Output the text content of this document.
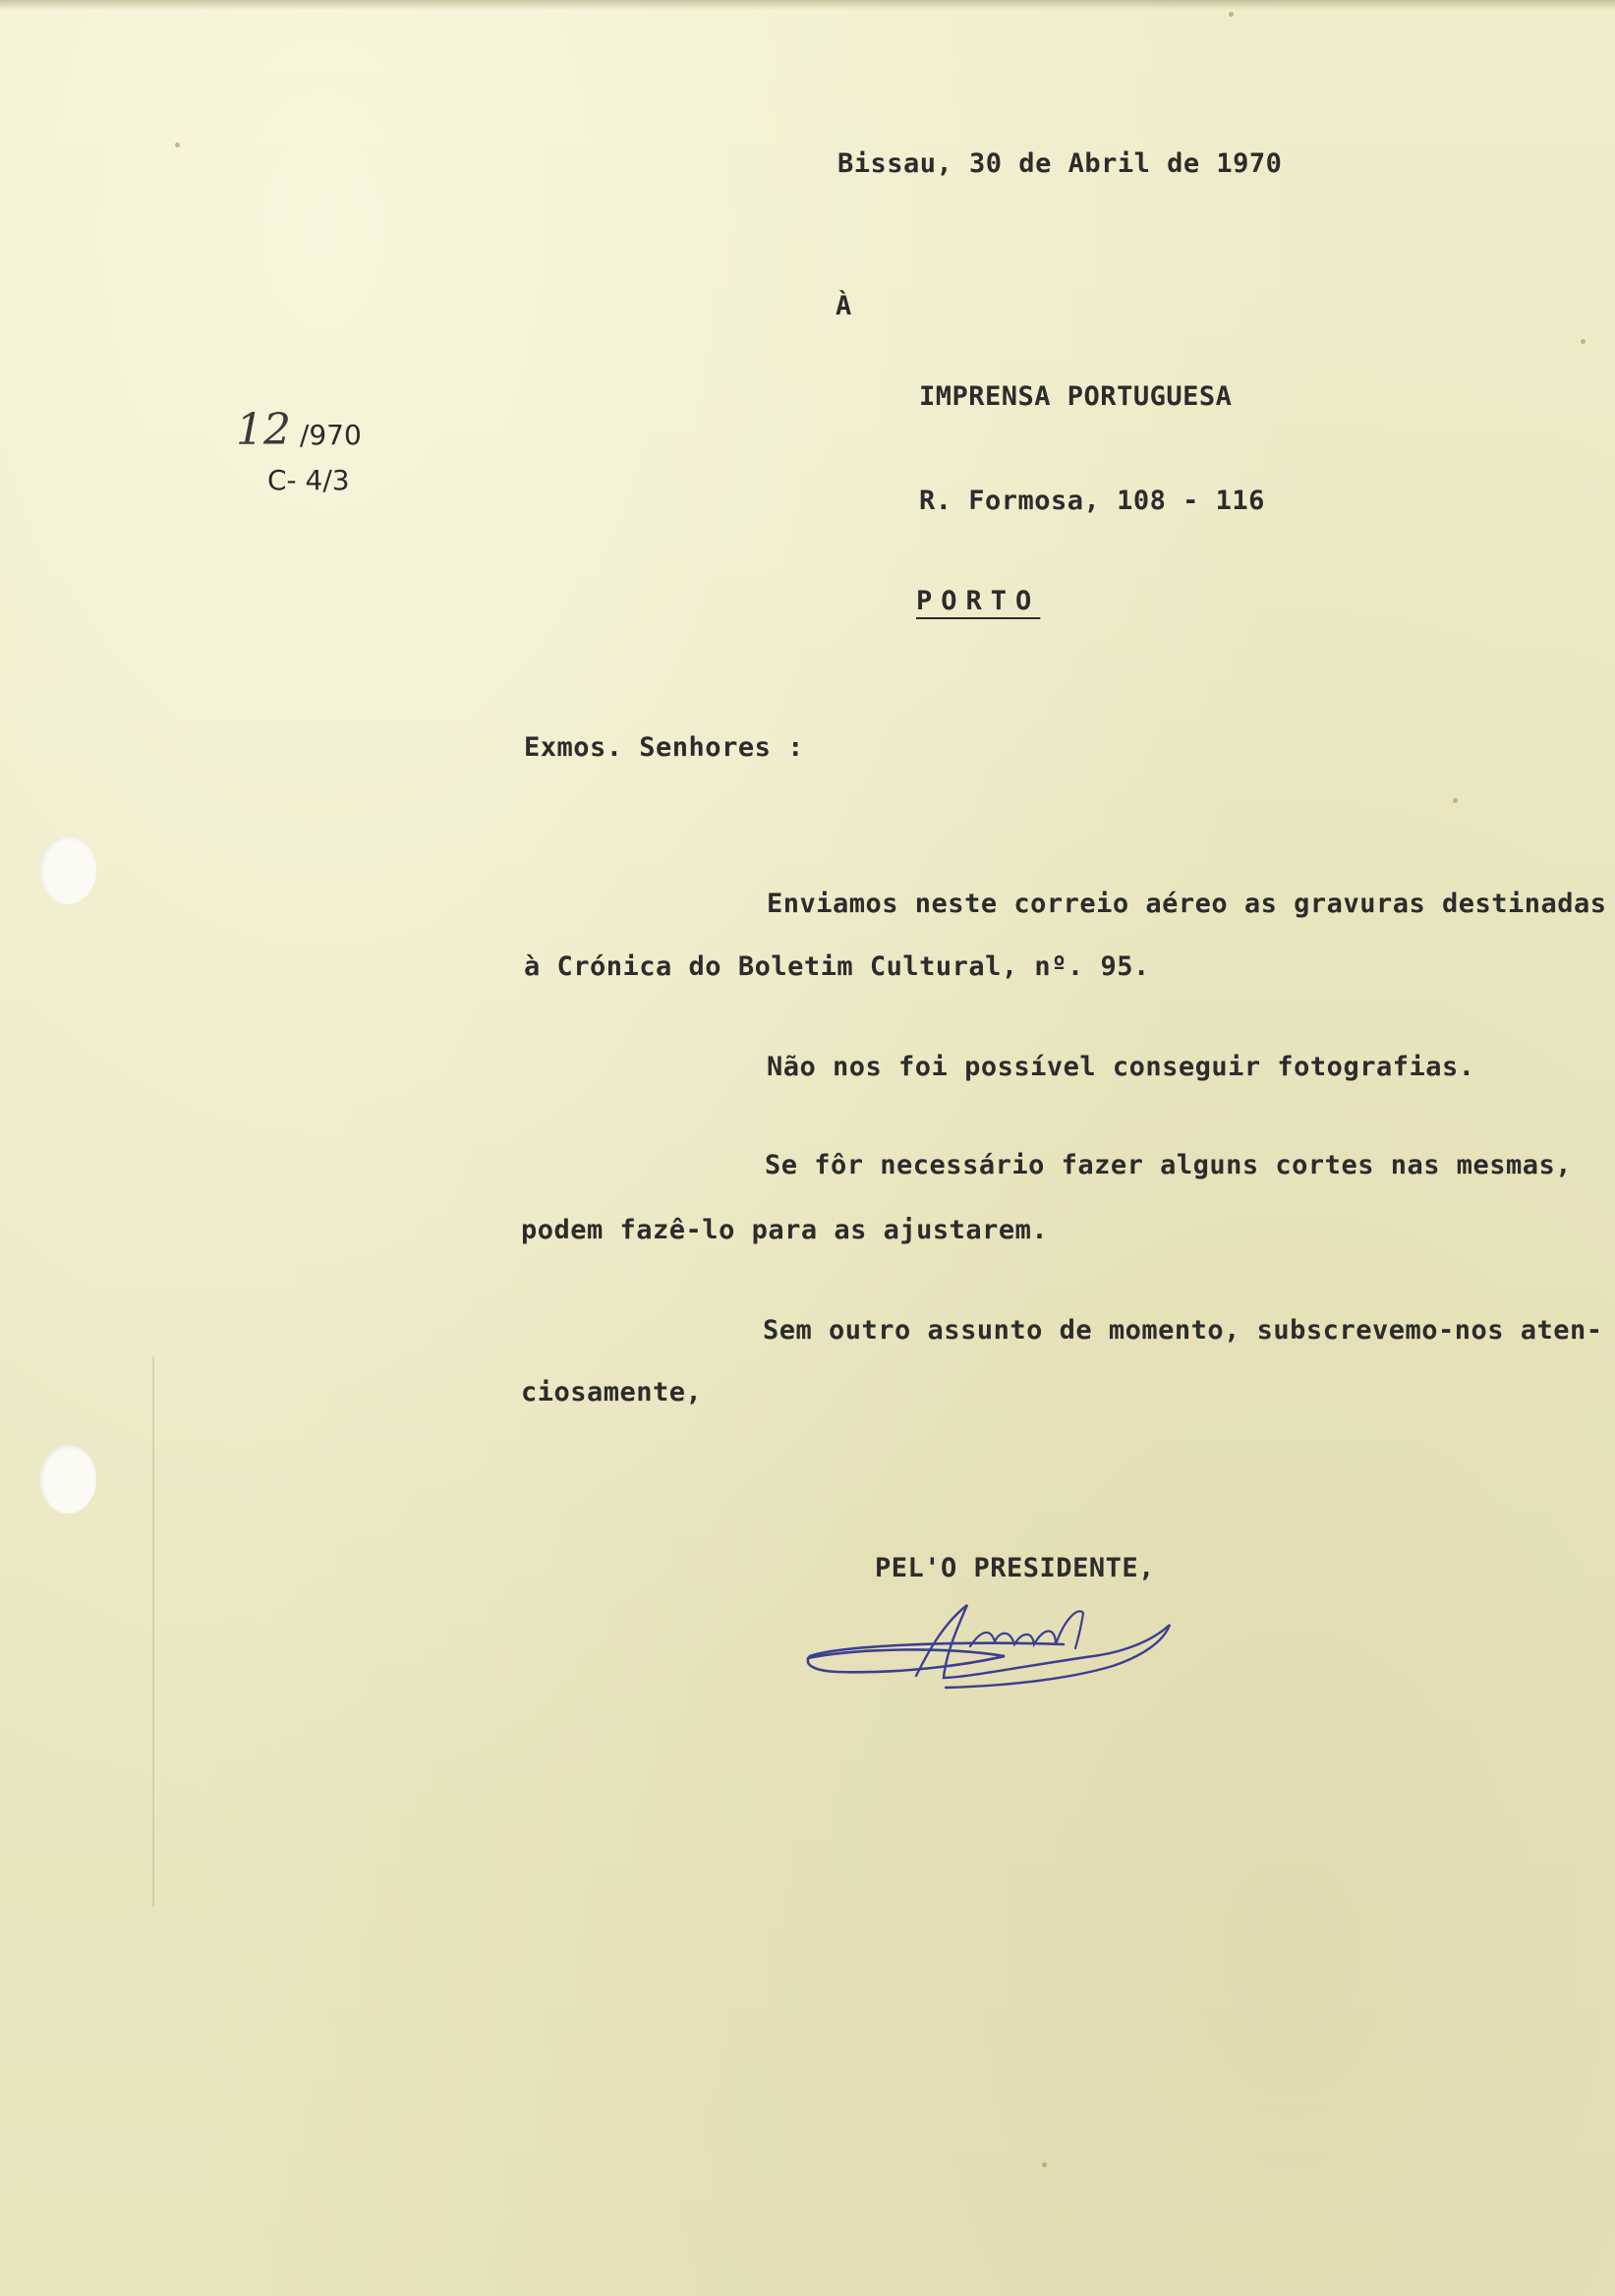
Bissau, 30 de Abril de 1970

À

12 /970
C- 4/3

IMPRENSA PORTUGUESA

R. Formosa, 108 - 116

PORTO

Exmos. Senhores :

Enviamos neste correio aéreo as gravuras destinadas

à Crónica do Boletim Cultural, nº. 95.

Não nos foi possível conseguir fotografias.

Se fôr necessário fazer alguns cortes nas mesmas,

podem fazê-lo para as ajustarem.

Sem outro assunto de momento, subscrevemo-nos aten-

ciosamente,

PEL'O PRESIDENTE,
